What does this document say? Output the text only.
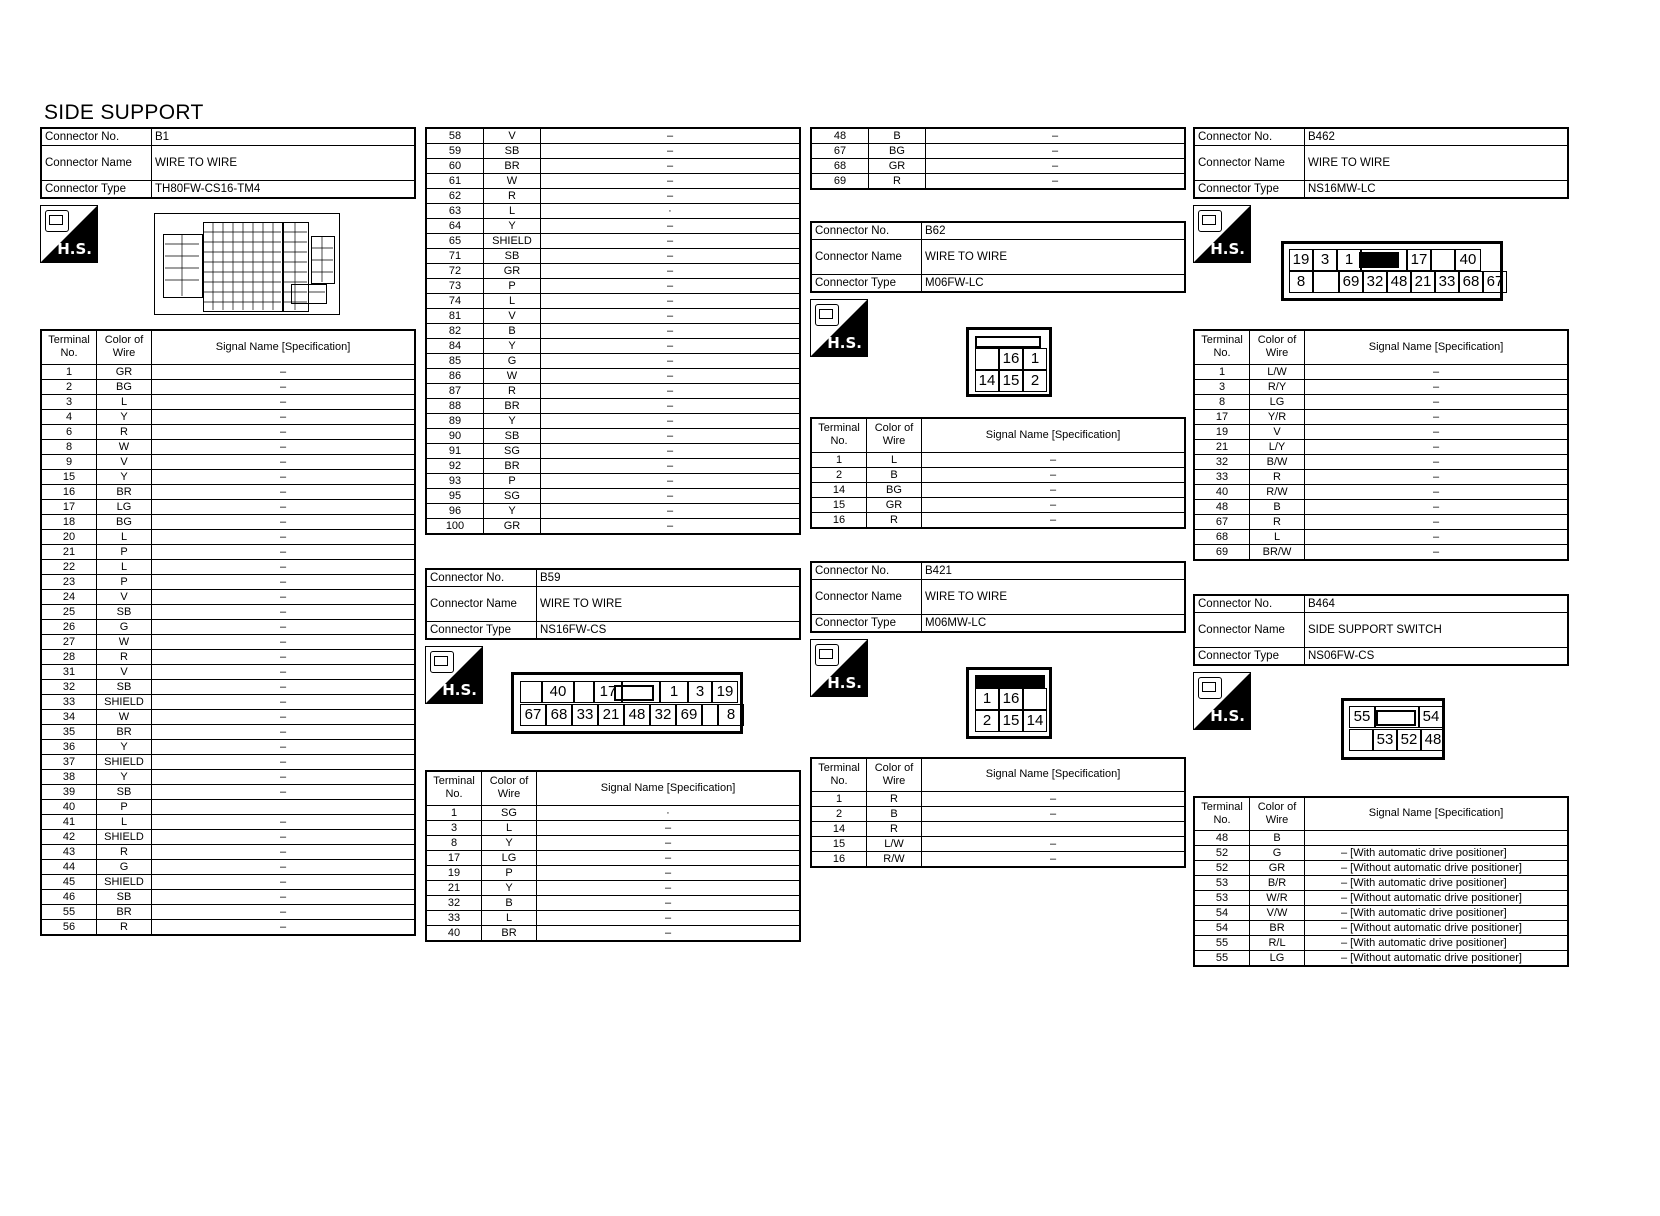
SIDE SUPPORT
Connector No.	B1
Connector Name	WIRE TO WIRE
Connector Type	TH80FW-CS16-TM4
H.S.
Terminal No.	Color of Wire	Signal Name [Specification]
1	GR	–
2	BG	–
3	L	–
4	Y	–
6	R	–
8	W	–
9	V	–
15	Y	–
16	BR	–
17	LG	–
18	BG	–
20	L	–
21	P	–
22	L	–
23	P	–
24	V	–
25	SB	–
26	G	–
27	W	–
28	R	–
31	V	–
32	SB	–
33	SHIELD	–
34	W	–
35	BR	–
36	Y	–
37	SHIELD	–
38	Y	–
39	SB	–
40	P	
41	L	–
42	SHIELD	–
43	R	–
44	G	–
45	SHIELD	–
46	SB	–
55	BR	–
56	R	–
58	V	–
59	SB	–
60	BR	–
61	W	–
62	R	–
63	L	·
64	Y	–
65	SHIELD	–
71	SB	–
72	GR	–
73	P	–
74	L	–
81	V	–
82	B	–
84	Y	–
85	G	–
86	W	–
87	R	–
88	BR	–
89	Y	–
90	SB	–
91	SG	–
92	BR	–
93	P	–
95	SG	–
96	Y	–
100	GR	–
Connector No.	B59
Connector Name	WIRE TO WIRE
Connector Type	NS16FW-CS
H.S.	40	17	1	3 19
67 68 33 21 48 32 69	8
Terminal No.	Color of Wire	Signal Name [Specification]
1	SG	·
3	L	–
8	Y	–
17	LG	–
19	P	–
21	Y	–
32	B	–
33	L	–
40	BR	–
48	B	–
67	BG	–
68	GR	–
69	R	–
Connector No.	B62
Connector Name	WIRE TO WIRE
Connector Type	M06FW-LC
H.S.
16 1
14 15 2
Terminal No.	Color of Wire	Signal Name [Specification]
1	L	–
2	B	–
14	BG	–
15	GR	–
16	R	–
Connector No.	B421
Connector Name	WIRE TO WIRE
Connector Type	M06MW-LC
H.S.
1 16
2 15 14
Terminal No.	Color of Wire	Signal Name [Specification]
1	R	–
2	B	–
14	R	
15	L/W	–
16	R/W	–
Connector No.	B462
Connector Name	WIRE TO WIRE
Connector Type	NS16MW-LC
H.S.
19 3	1	17	40
8	69 32 48 21 33 68 67
Terminal No.	Color of Wire	Signal Name [Specification]
1	L/W	–
3	R/Y	–
8	LG	–
17	Y/R	–
19	V	–
21	L/Y	–
32	B/W	–
33	R	–
40	R/W	–
48	B	–
67	R	–
68	L	–
69	BR/W	–
Connector No.	B464
Connector Name	SIDE SUPPORT SWITCH
Connector Type	NS06FW-CS
H.S.	55	54
53 52 48
Terminal No.	Color of Wire	Signal Name [Specification]
48	B	
52	G	– [With automatic drive positioner]
52	GR	– [Without automatic drive positioner]
53	B/R	– [With automatic drive positioner]
53	W/R	– [Without automatic drive positioner]
54	V/W	– [With automatic drive positioner]
54	BR	– [Without automatic drive positioner]
55	R/L	– [With automatic drive positioner]
55	LG	– [Without automatic drive positioner]
